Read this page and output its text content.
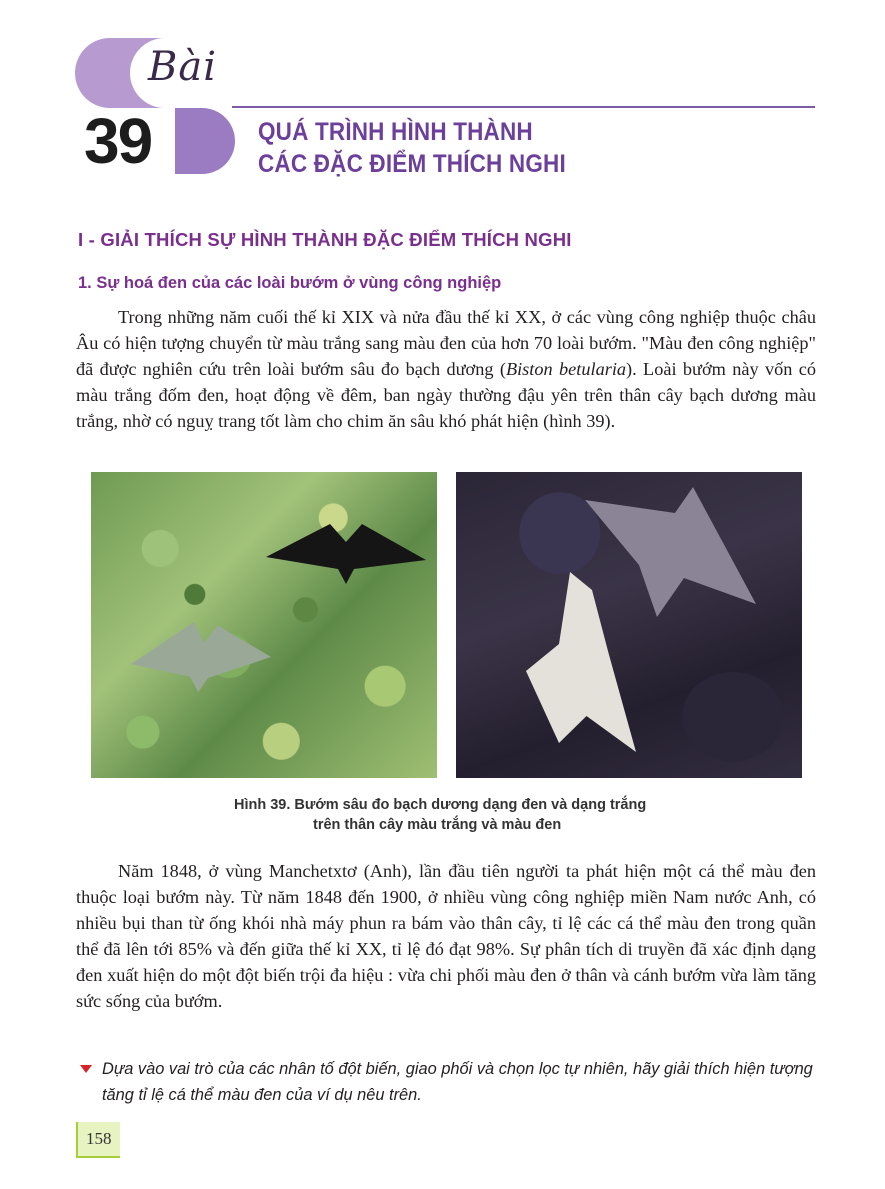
Bài
39	QUÁ TRÌNH HÌNH THÀNH
CÁC ĐẶC ĐIỂM THÍCH NGHI
I - GIẢI THÍCH SỰ HÌNH THÀNH ĐẶC ĐIỂM THÍCH NGHI
1. Sự hoá đen của các loài bướm ở vùng công nghiệp
Trong những năm cuối thế kỉ XIX và nửa đầu thế kỉ XX, ở các vùng công nghiệp thuộc châu Âu có hiện tượng chuyển từ màu trắng sang màu đen của hơn 70 loài bướm. "Màu đen công nghiệp" đã được nghiên cứu trên loài bướm sâu đo bạch dương (Biston betularia). Loài bướm này vốn có màu trắng đốm đen, hoạt động về đêm, ban ngày thường đậu yên trên thân cây bạch dương màu trắng, nhờ có nguỵ trang tốt làm cho chim ăn sâu khó phát hiện (hình 39).
Hình 39. Bướm sâu đo bạch dương dạng đen và dạng trắng
trên thân cây màu trắng và màu đen
Năm 1848, ở vùng Manchetxtơ (Anh), lần đầu tiên người ta phát hiện một cá thể màu đen thuộc loại bướm này. Từ năm 1848 đến 1900, ở nhiều vùng công nghiệp miền Nam nước Anh, có nhiều bụi than từ ống khói nhà máy phun ra bám vào thân cây, tỉ lệ các cá thể màu đen trong quần thể đã lên tới 85% và đến giữa thế kỉ XX, tỉ lệ đó đạt 98%. Sự phân tích di truyền đã xác định dạng đen xuất hiện do một đột biến trội đa hiệu : vừa chi phối màu đen ở thân và cánh bướm vừa làm tăng sức sống của bướm.
Dựa vào vai trò của các nhân tố đột biến, giao phối và chọn lọc tự nhiên, hãy giải thích hiện tượng tăng tỉ lệ cá thể màu đen của ví dụ nêu trên.
158
